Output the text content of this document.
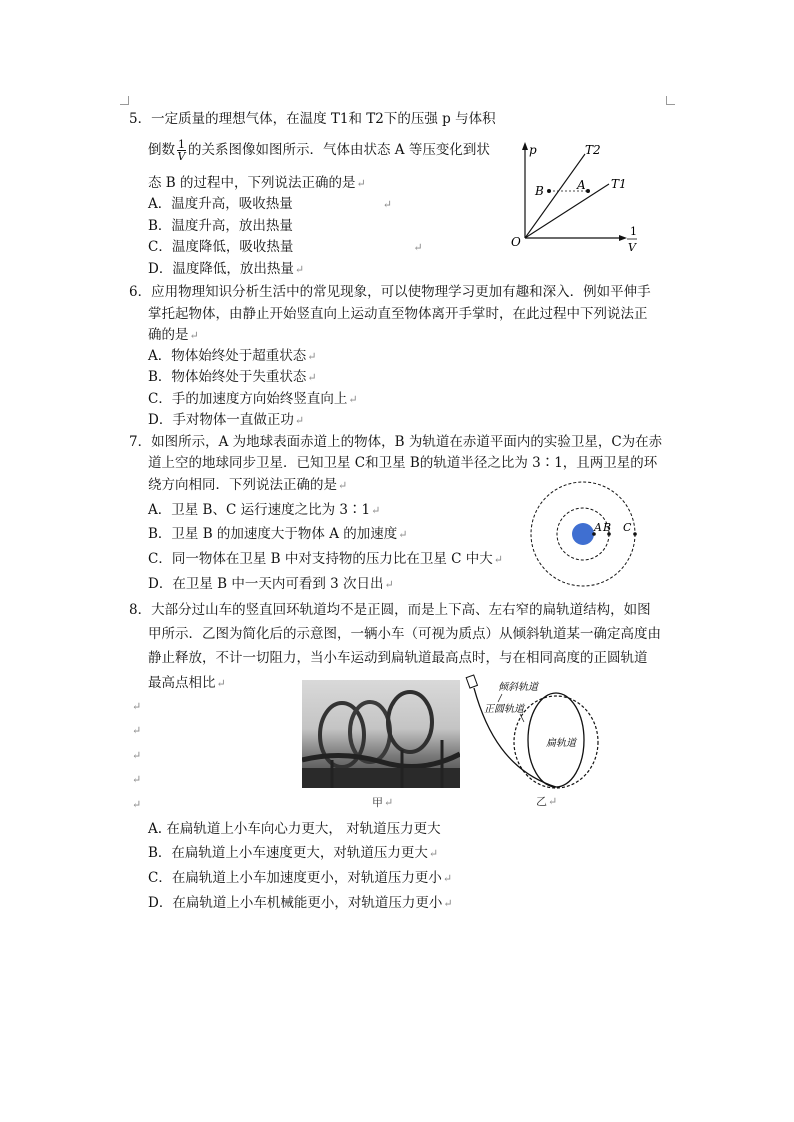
5．一定质量的理想气体，在温度 T1和 T2下的压强 p 与体积
倒数 $\frac{1}{V}$ 的关系图像如图所示．气体由状态 A 等压变化到状
态 B 的过程中，下列说法正确的是↵
A．温度升高，吸收热量	↵
B．温度升高，放出热量
C．温度降低，吸收热量	↵
D．温度降低，放出热量↵
p	T2
T1
A
B
O
1
V
6．应用物理知识分析生活中的常见现象，可以使物理学习更加有趣和深入．例如平伸手
掌托起物体，由静止开始竖直向上运动直至物体离开手掌时，在此过程中下列说法正
确的是↵
A．物体始终处于超重状态↵
B．物体始终处于失重状态↵
C．手的加速度方向始终竖直向上↵
D．手对物体一直做正功↵
7．如图所示，A 为地球表面赤道上的物体，B 为轨道在赤道平面内的实验卫星，C为在赤
道上空的地球同步卫星．已知卫星 C和卫星 B的轨道半径之比为 3∶1，且两卫星的环
绕方向相同．下列说法正确的是↵
A．卫星 B、C 运行速度之比为 3∶1↵
B．卫星 B 的加速度大于物体 A 的加速度↵
C．同一物体在卫星 B 中对支持物的压力比在卫星 C 中大↵
D．在卫星 B 中一天内可看到 3 次日出↵
A B C
8．大部分过山车的竖直回环轨道均不是正圆，而是上下高、左右窄的扁轨道结构，如图
甲所示．乙图为简化后的示意图，一辆小车（可视为质点）从倾斜轨道某一确定高度由
静止释放，不计一切阻力，当小车运动到扁轨道最高点时，与在相同高度的正圆轨道
最高点相比↵
↵
↵
↵
↵
↵	甲↵
倾斜轨道
正圆轨道
扁轨道
乙↵
A. 在扁轨道上小车向心力更大， 对轨道压力更大
B．在扁轨道上小车速度更大，对轨道压力更大↵
C．在扁轨道上小车加速度更小，对轨道压力更小↵
D．在扁轨道上小车机械能更小，对轨道压力更小↵
